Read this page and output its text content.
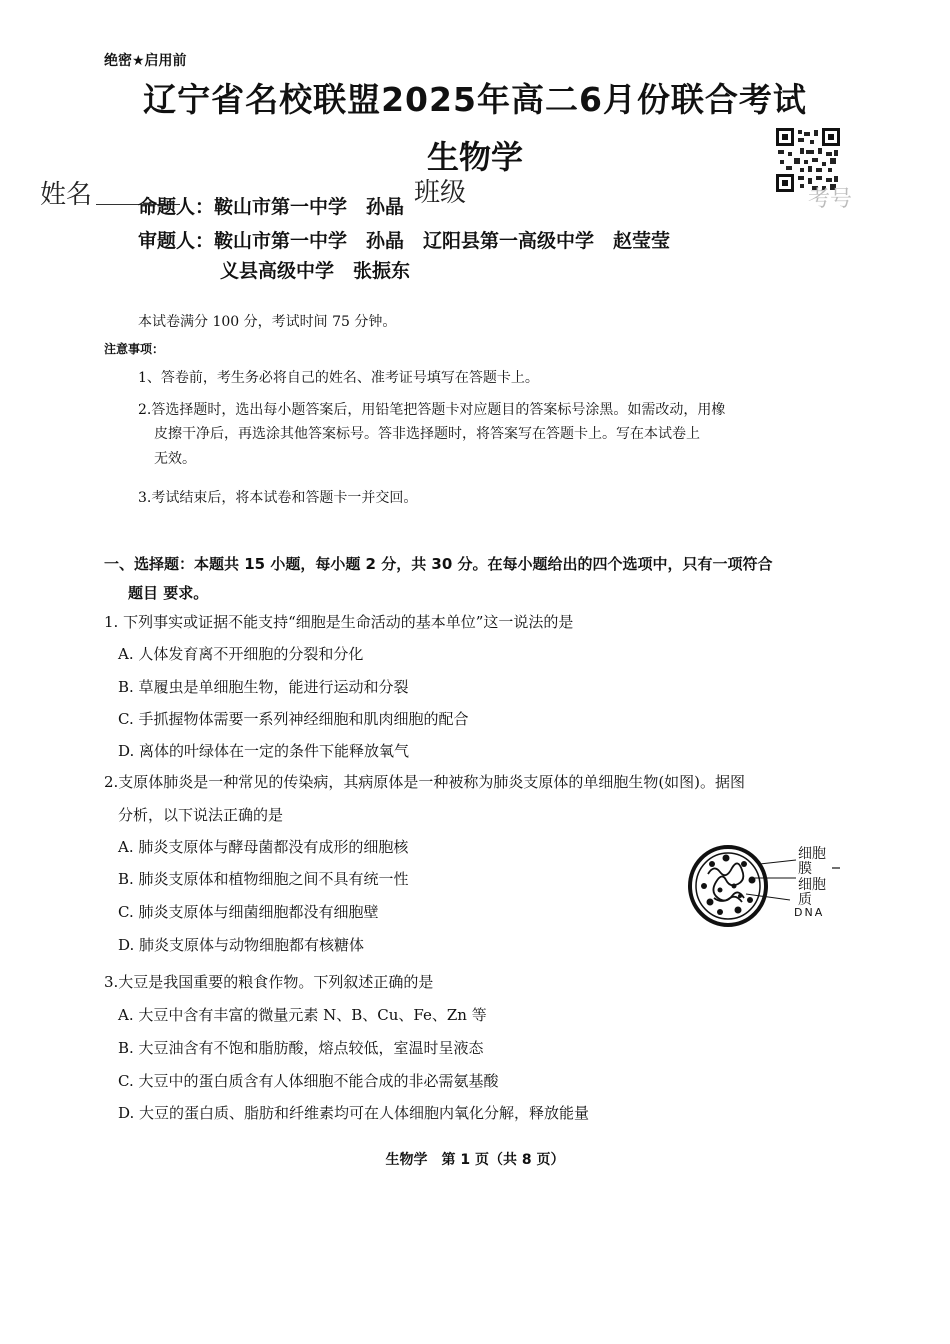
绝密★启用前
辽宁省名校联盟2025年高二6月份联合考试
生物学
姓名	班级	考号
命题人：鞍山市第一中学　孙晶
审题人：鞍山市第一中学　孙晶　辽阳县第一高级中学　赵莹莹
义县高级中学　张振东
本试卷满分 100 分，考试时间 75 分钟。
注意事项：
1、答卷前，考生务必将自己的姓名、准考证号填写在答题卡上。
2.答选择题时，选出每小题答案后，用铅笔把答题卡对应题目的答案标号涂黑。如需改动，用橡
皮擦干净后，再选涂其他答案标号。答非选择题时，将答案写在答题卡上。写在本试卷上
无效。
3.考试结束后，将本试卷和答题卡一并交回。
一、选择题：本题共 15 小题，每小题 2 分，共 30 分。在每小题给出的四个选项中，只有一项符合
题目 要求。
1. 下列事实或证据不能支持“细胞是生命活动的基本单位”这一说法的是
A. 人体发育离不开细胞的分裂和分化
B. 草履虫是单细胞生物，能进行运动和分裂
C. 手抓握物体需要一系列神经细胞和肌肉细胞的配合
D. 离体的叶绿体在一定的条件下能释放氧气
2.支原体肺炎是一种常见的传染病，其病原体是一种被称为肺炎支原体的单细胞生物(如图)。据图
分析，以下说法正确的是
A. 肺炎支原体与酵母菌都没有成形的细胞核
B. 肺炎支原体和植物细胞之间不具有统一性
C. 肺炎支原体与细菌细胞都没有细胞壁
D. 肺炎支原体与动物细胞都有核糖体
细胞
膜
细胞
质
DNA
3.大豆是我国重要的粮食作物。下列叙述正确的是
A. 大豆中含有丰富的微量元素 N、B、Cu、Fe、Zn 等
B. 大豆油含有不饱和脂肪酸，熔点较低，室温时呈液态
C. 大豆中的蛋白质含有人体细胞不能合成的非必需氨基酸
D. 大豆的蛋白质、脂肪和纤维素均可在人体细胞内氧化分解，释放能量
生物学　第 1 页（共 8 页）
